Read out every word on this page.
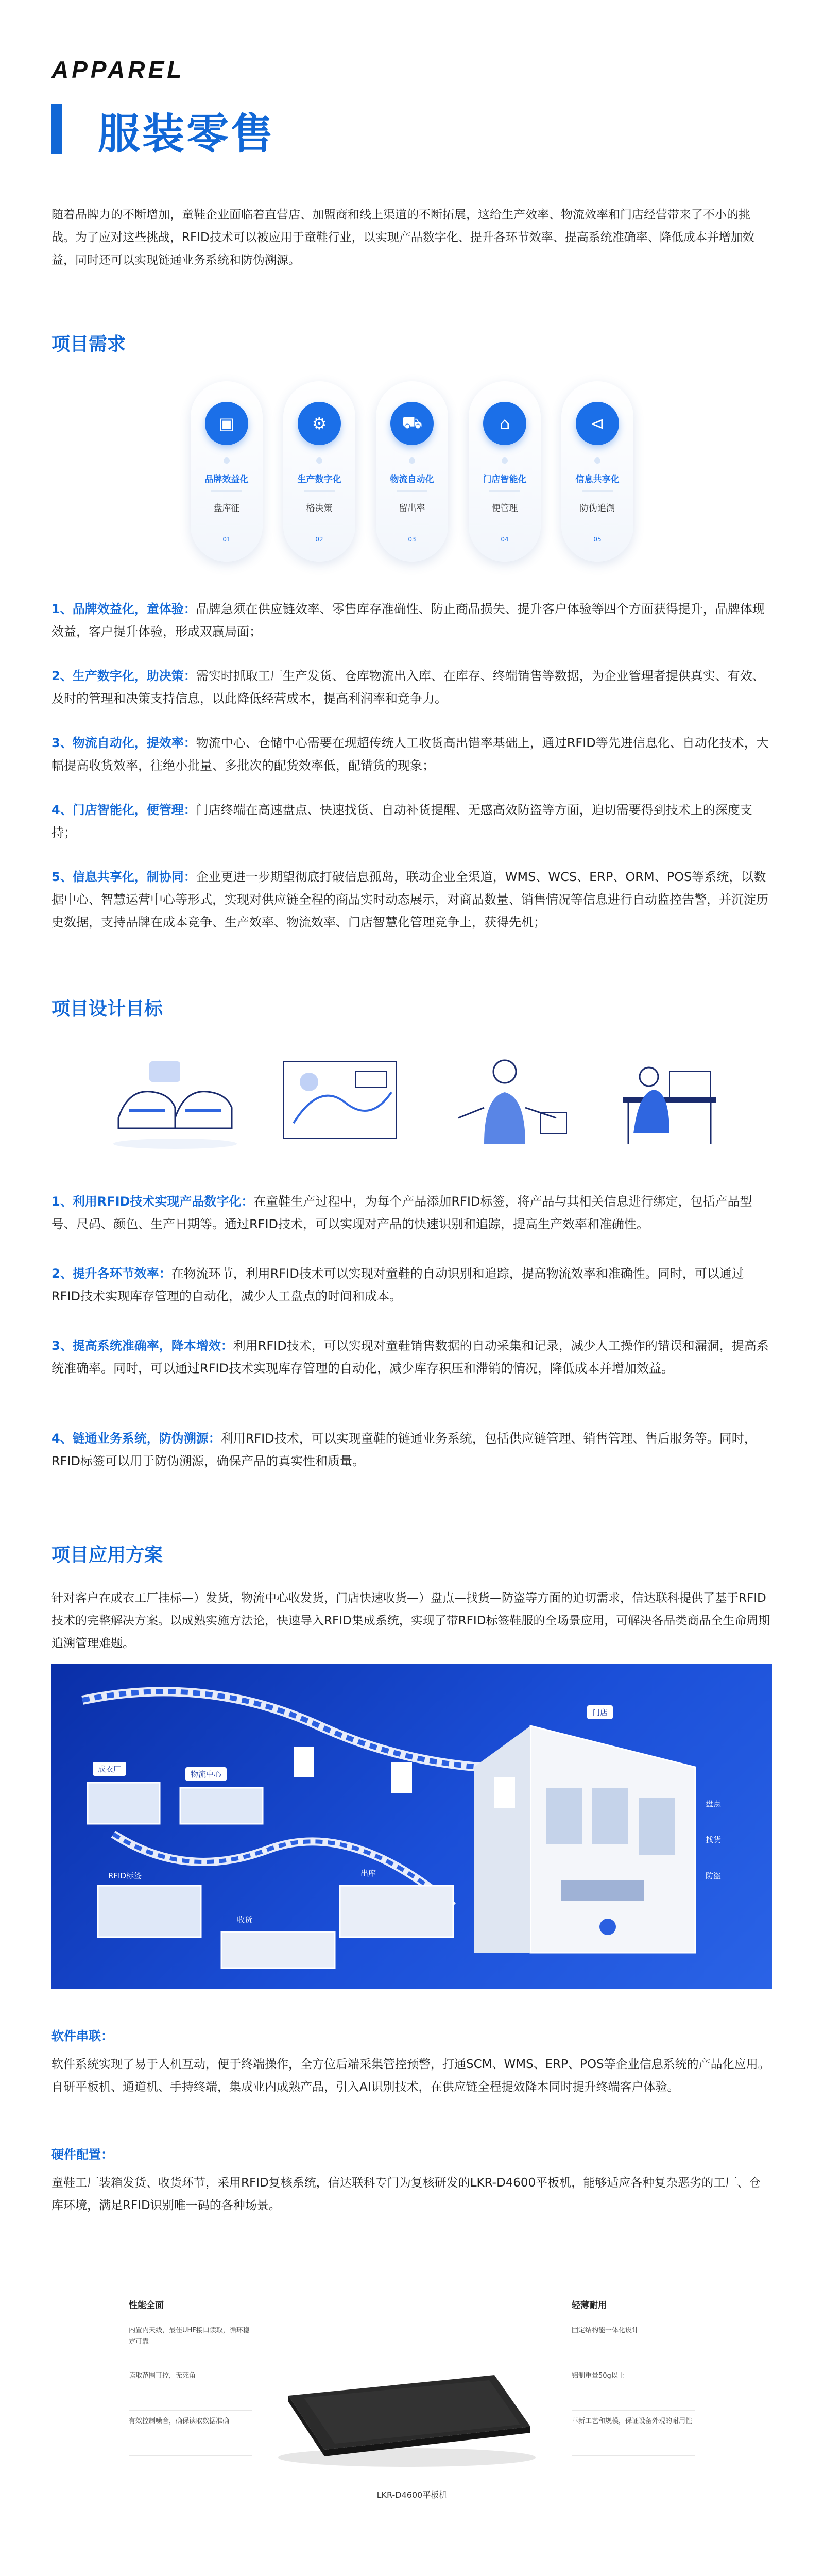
APPAREL
服装零售

随着品牌力的不断增加，童鞋企业面临着直营店、加盟商和线上渠道的不断拓展，这给生产效率、物流效率和门店经营带来了不小的挑战。为了应对这些挑战，RFID技术可以被应用于童鞋行业，以实现产品数字化、提升各环节效率、提高系统准确率、降低成本并增加效益，同时还可以实现链通业务系统和防伪溯源。

项目需求
▣
品牌效益化
盘库征
01
⚙
生产数字化
格决策
02
⛟
物流自动化
留出率
03
⌂
门店智能化
便管理
04
⊲
信息共享化
防伪追溯
05

1、品牌效益化，童体验：品牌急须在供应链效率、零售库存准确性、防止商品损失、提升客户体验等四个方面获得提升，品牌体现效益，客户提升体验，形成双赢局面；

2、生产数字化，助决策：需实时抓取工厂生产发货、仓库物流出入库、在库存、终端销售等数据，为企业管理者提供真实、有效、及时的管理和决策支持信息，以此降低经营成本，提高利润率和竞争力。

3、物流自动化，提效率：物流中心、仓储中心需要在现超传统人工收货高出错率基础上，通过RFID等先进信息化、自动化技术，大幅提高收货效率，往绝小批量、多批次的配货效率低，配错货的现象；

4、门店智能化，便管理：门店终端在高速盘点、快速找货、自动补货提醒、无感高效防盗等方面，迫切需要得到技术上的深度支持；

5、信息共享化，制协同：企业更进一步期望彻底打破信息孤岛，联动企业全渠道，WMS、WCS、ERP、ORM、POS等系统，以数据中心、智慧运营中心等形式，实现对供应链全程的商品实时动态展示，对商品数量、销售情况等信息进行自动监控告警，并沉淀历史数据，支持品牌在成本竞争、生产效率、物流效率、门店智慧化管理竞争上，获得先机；

项目设计目标

1、利用RFID技术实现产品数字化：在童鞋生产过程中，为每个产品添加RFID标签，将产品与其相关信息进行绑定，包括产品型号、尺码、颜色、生产日期等。通过RFID技术，可以实现对产品的快速识别和追踪，提高生产效率和准确性。

2、提升各环节效率：在物流环节，利用RFID技术可以实现对童鞋的自动识别和追踪，提高物流效率和准确性。同时，可以通过RFID技术实现库存管理的自动化，减少人工盘点的时间和成本。

3、提高系统准确率，降本增效：利用RFID技术，可以实现对童鞋销售数据的自动采集和记录，减少人工操作的错误和漏洞，提高系统准确率。同时，可以通过RFID技术实现库存管理的自动化，减少库存积压和滞销的情况，降低成本并增加效益。

4、链通业务系统，防伪溯源：利用RFID技术，可以实现童鞋的链通业务系统，包括供应链管理、销售管理、售后服务等。同时，RFID标签可以用于防伪溯源，确保产品的真实性和质量。

项目应用方案

针对客户在成衣工厂挂标—）发货，物流中心收发货，门店快速收货—）盘点—找货—防盗等方面的迫切需求，信达联科提供了基于RFID技术的完整解决方案。以成熟实施方法论，快速导入RFID集成系统，实现了带RFID标签鞋服的全场景应用，可解决各品类商品全生命周期追溯管理难题。

成衣厂
物流中心
门店
RFID标签
收货
出库
盘点
找货
防盗

软件串联：

软件系统实现了易于人机互动，便于终端操作，全方位后端采集管控预警，打通SCM、WMS、ERP、POS等企业信息系统的产品化应用。自研平板机、通道机、手持终端，集成业内成熟产品，引入AI识别技术，在供应链全程提效降本同时提升终端客户体验。

硬件配置：

童鞋工厂装箱发货、收货环节，采用RFID复核系统，信达联科专门为复核研发的LKR-D4600平板机，能够适应各种复杂恶劣的工厂、仓库环境，满足RFID识别唯一码的各种场景。

性能全面
内置内天线，最佳UHF接口读取，循环稳定可靠
读取范围可控，无死角
有效控制噪音，确保读取数据准确
LKR-D4600平板机
轻薄耐用
固定结构能一体化设计
铝制重量50g以上
革新工艺和规模，保证设备外观的耐用性
